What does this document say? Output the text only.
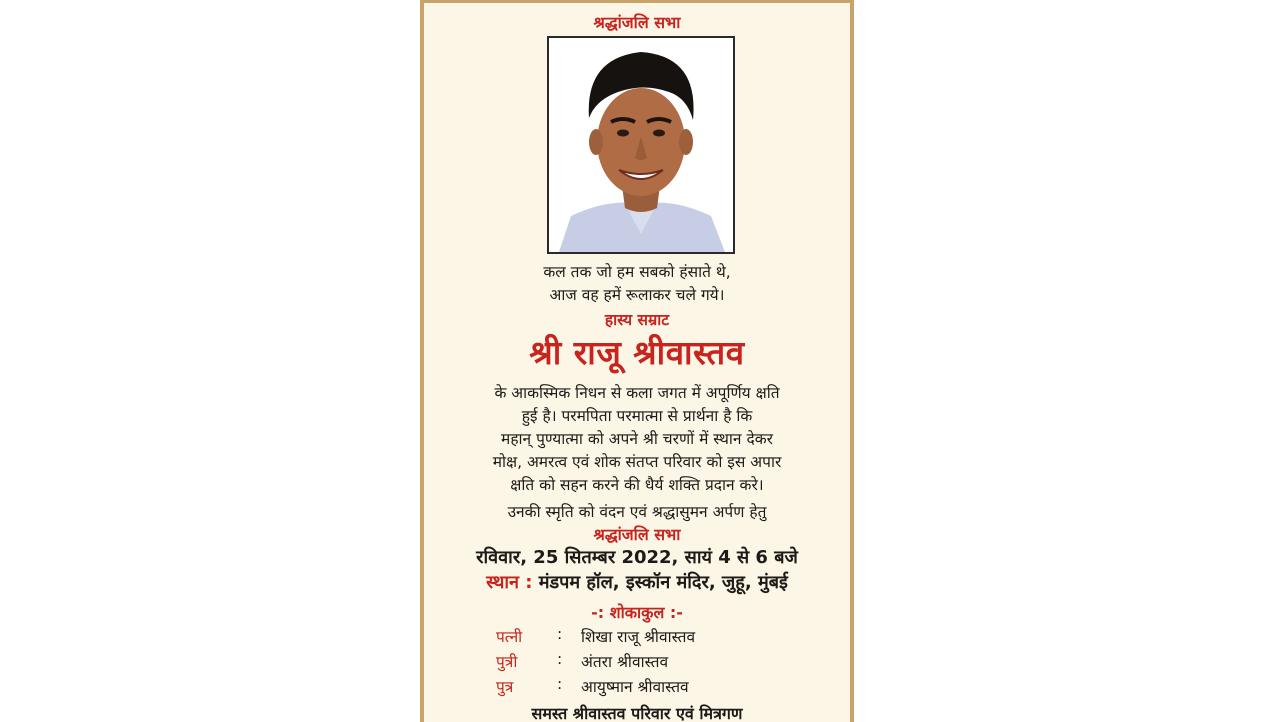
श्रद्धांजलि सभा
कल तक जो हम सबको हंसाते थे,
आज वह हमें रूलाकर चले गये।
हास्य सम्राट
श्री राजू श्रीवास्तव
के आकस्मिक निधन से कला जगत में अपूर्णिय क्षति
हुई है। परमपिता परमात्मा से प्रार्थना है कि
महान् पुण्यात्मा को अपने श्री चरणों में स्थान देकर
मोक्ष, अमरत्व एवं शोक संतप्त परिवार को इस अपार
क्षति को सहन करने की धैर्य शक्ति प्रदान करे।
उनकी स्मृति को वंदन एवं श्रद्धासुमन अर्पण हेतु
श्रद्धांजलि सभा
रविवार, 25 सितम्बर 2022, सायं 4 से 6 बजे
स्थान : मंडपम हॉल, इस्कॉन मंदिर, जुहू, मुंबई
-: शोकाकुल :-
पत्नी : शिखा राजू श्रीवास्तव
पुत्री	: अंतरा श्रीवास्तव
पुत्र	: आयुष्मान श्रीवास्तव
समस्त श्रीवास्तव परिवार एवं मित्रगण
